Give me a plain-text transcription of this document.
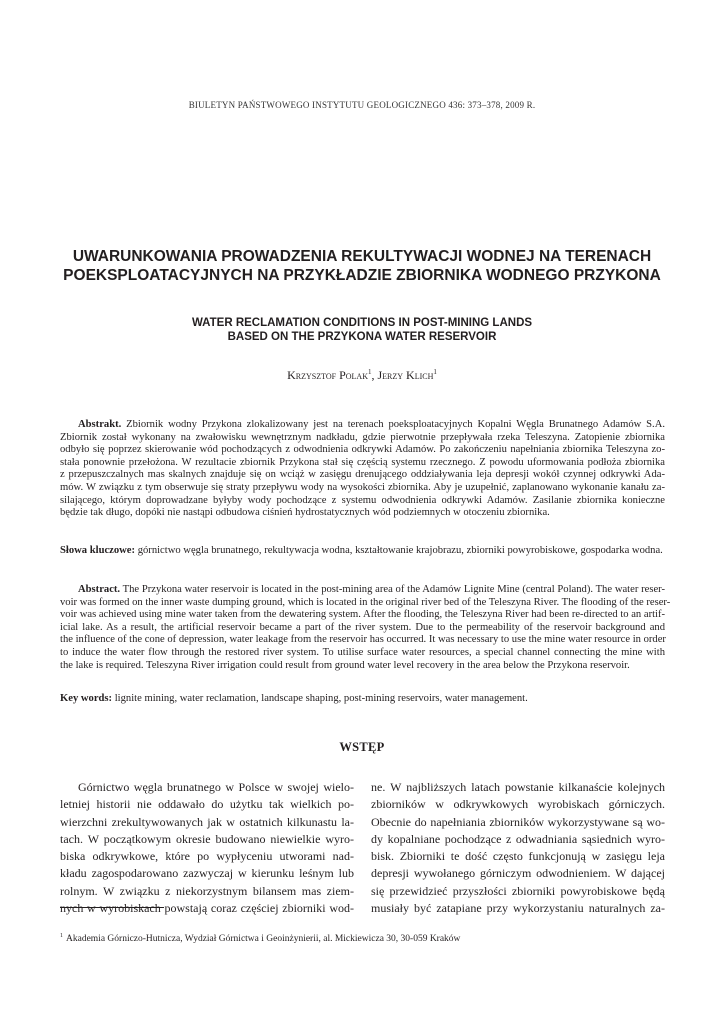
BIULETYN PAŃSTWOWEGO INSTYTUTU GEOLOGICZNEGO 436: 373–378, 2009 R.
UWARUNKOWANIA PROWADZENIA REKULTYWACJI WODNEJ NA TERENACH
POEKSPLOATACYJNYCH NA PRZYKŁADZIE ZBIORNIKA WODNEGO PRZYKONA
WATER RECLAMATION CONDITIONS IN POST-MINING LANDS
BASED ON THE PRZYKONA WATER RESERVOIR
Krzysztof Polak$^1$, Jerzy Klich$^1$
Abstrakt. Zbiornik wodny Przykona zlokalizowany jest na terenach poeksploatacyjnych Kopalni Węgla Brunatnego Adamów S.A.
Zbiornik został wykonany na zwałowisku wewnętrznym nadkładu, gdzie pierwotnie przepływała rzeka Teleszyna. Zatopienie zbiornika
odbyło się poprzez skierowanie wód pochodzących z odwodnienia odkrywki Adamów. Po zakończeniu napełniania zbiornika Teleszyna zo-
stała ponownie przełożona. W rezultacie zbiornik Przykona stał się częścią systemu rzecznego. Z powodu uformowania podłoża zbiornika
z przepuszczalnych mas skalnych znajduje się on wciąż w zasięgu drenującego oddziaływania leja depresji wokół czynnej odkrywki Ada-
mów. W związku z tym obserwuje się straty przepływu wody na wysokości zbiornika. Aby je uzupełnić, zaplanowano wykonanie kanału za-
silającego, którym doprowadzane byłyby wody pochodzące z systemu odwodnienia odkrywki Adamów. Zasilanie zbiornika konieczne
będzie tak długo, dopóki nie nastąpi odbudowa ciśnień hydrostatycznych wód podziemnych w otoczeniu zbiornika.
Słowa kluczowe: górnictwo węgla brunatnego, rekultywacja wodna, kształtowanie krajobrazu, zbiorniki powyrobiskowe, gospodarka wodna.
Abstract. The Przykona water reservoir is located in the post-mining area of the Adamów Lignite Mine (central Poland). The water reser-
voir was formed on the inner waste dumping ground, which is located in the original river bed of the Teleszyna River. The flooding of the reser-
voir was achieved using mine water taken from the dewatering system. After the flooding, the Teleszyna River had been re-directed to an artif-
icial lake. As a result, the artificial reservoir became a part of the river system. Due to the permeability of the reservoir background and
the influence of the cone of depression, water leakage from the reservoir has occurred. It was necessary to use the mine water resource in order
to induce the water flow through the restored river system. To utilise surface water resources, a special channel connecting the mine with
the lake is required. Teleszyna River irrigation could result from ground water level recovery in the area below the Przykona reservoir.
Key words: lignite mining, water reclamation, landscape shaping, post-mining reservoirs, water management.
WSTĘP
Górnictwo węgla brunatnego w Polsce w swojej wielo-
letniej historii nie oddawało do użytku tak wielkich po-
wierzchni zrekultywowanych jak w ostatnich kilkunastu la-
tach. W początkowym okresie budowano niewielkie wyro-
biska odkrywkowe, które po wypłyceniu utworami nad-
kładu zagospodarowano zazwyczaj w kierunku leśnym lub
rolnym. W związku z niekorzystnym bilansem mas ziem-
nych w wyrobiskach powstają coraz częściej zbiorniki wod-
ne. W najbliższych latach powstanie kilkanaście kolejnych
zbiorników w odkrywkowych wyrobiskach górniczych.
Obecnie do napełniania zbiorników wykorzystywane są wo-
dy kopalniane pochodzące z odwadniania sąsiednich wyro-
bisk. Zbiorniki te dość często funkcjonują w zasięgu leja
depresji wywołanego górniczym odwodnieniem. W dającej
się przewidzieć przyszłości zbiorniki powyrobiskowe będą
musiały być zatapiane przy wykorzystaniu naturalnych za-
$^1$ Akademia Górniczo-Hutnicza, Wydział Górnictwa i Geoinżynierii, al. Mickiewicza 30, 30-059 Kraków
